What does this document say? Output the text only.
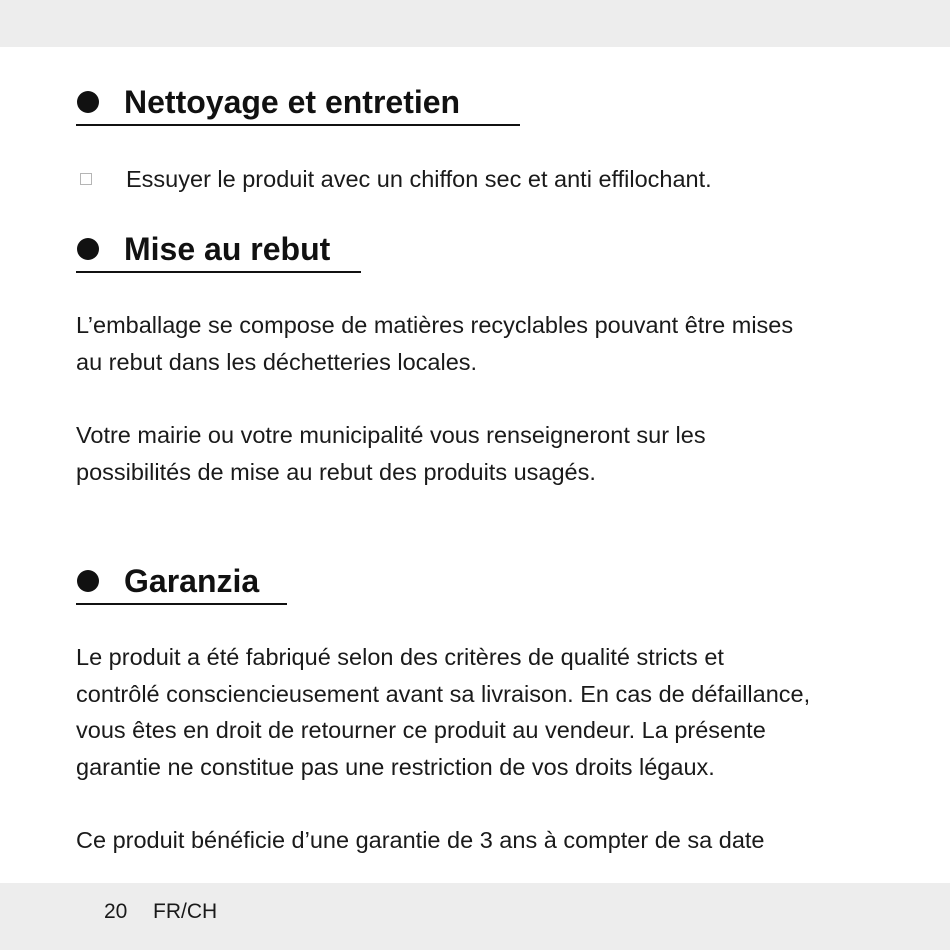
Nettoyage et entretien
Essuyer le produit avec un chiffon sec et anti effilochant.
Mise au rebut

L’emballage se compose de matières recyclables pouvant être mises
au rebut dans les déchetteries locales.

Votre mairie ou votre municipalité vous renseigneront sur les
possibilités de mise au rebut des produits usagés.

Garanzia

Le produit a été fabriqué selon des critères de qualité stricts et
contrôlé consciencieusement avant sa livraison. En cas de défaillance,
vous êtes en droit de retourner ce produit au vendeur. La présente
garantie ne constitue pas une restriction de vos droits légaux.

Ce produit bénéficie d’une garantie de 3 ans à compter de sa date

20 FR/CH
